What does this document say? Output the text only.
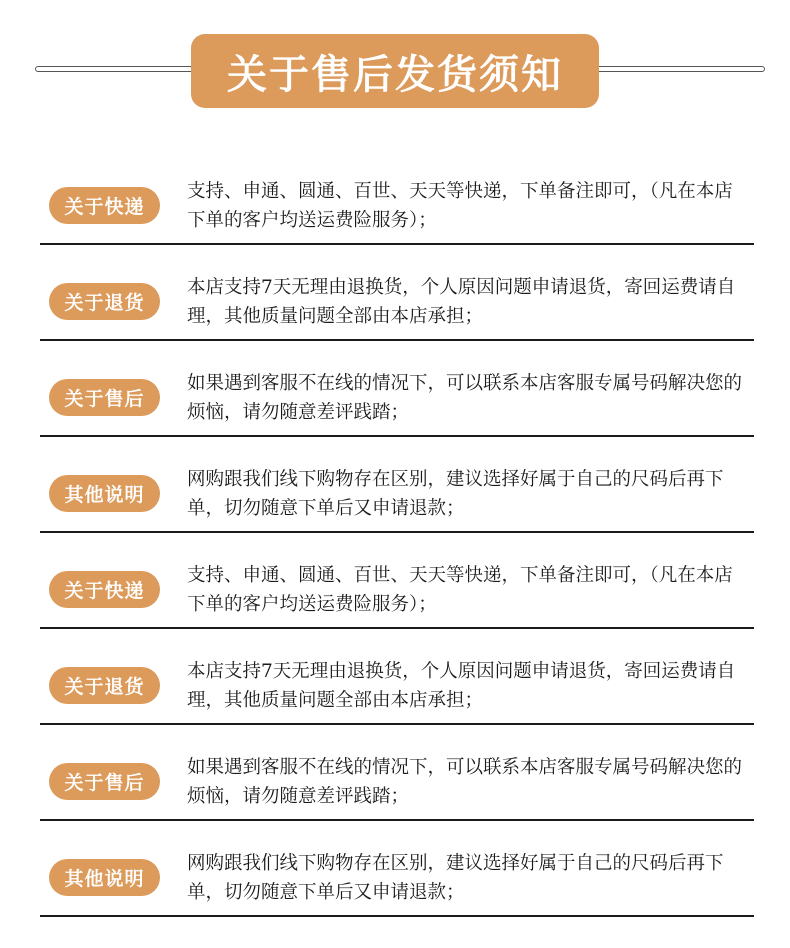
关于售后发货须知
关于快递
支持、申通、圆通、百世、天天等快递，下单备注即可，（凡在本店下单的客户均送运费险服务）；
关于退货
本店支持7天无理由退换货，个人原因问题申请退货，寄回运费请自理，其他质量问题全部由本店承担；
关于售后
如果遇到客服不在线的情况下，可以联系本店客服专属号码解决您的烦恼，请勿随意差评践踏；
其他说明
网购跟我们线下购物存在区别，建议选择好属于自己的尺码后再下单，切勿随意下单后又申请退款；
关于快递
支持、申通、圆通、百世、天天等快递，下单备注即可，（凡在本店下单的客户均送运费险服务）；
关于退货
本店支持7天无理由退换货，个人原因问题申请退货，寄回运费请自理，其他质量问题全部由本店承担；
关于售后
如果遇到客服不在线的情况下，可以联系本店客服专属号码解决您的烦恼，请勿随意差评践踏；
其他说明
网购跟我们线下购物存在区别，建议选择好属于自己的尺码后再下单，切勿随意下单后又申请退款；
